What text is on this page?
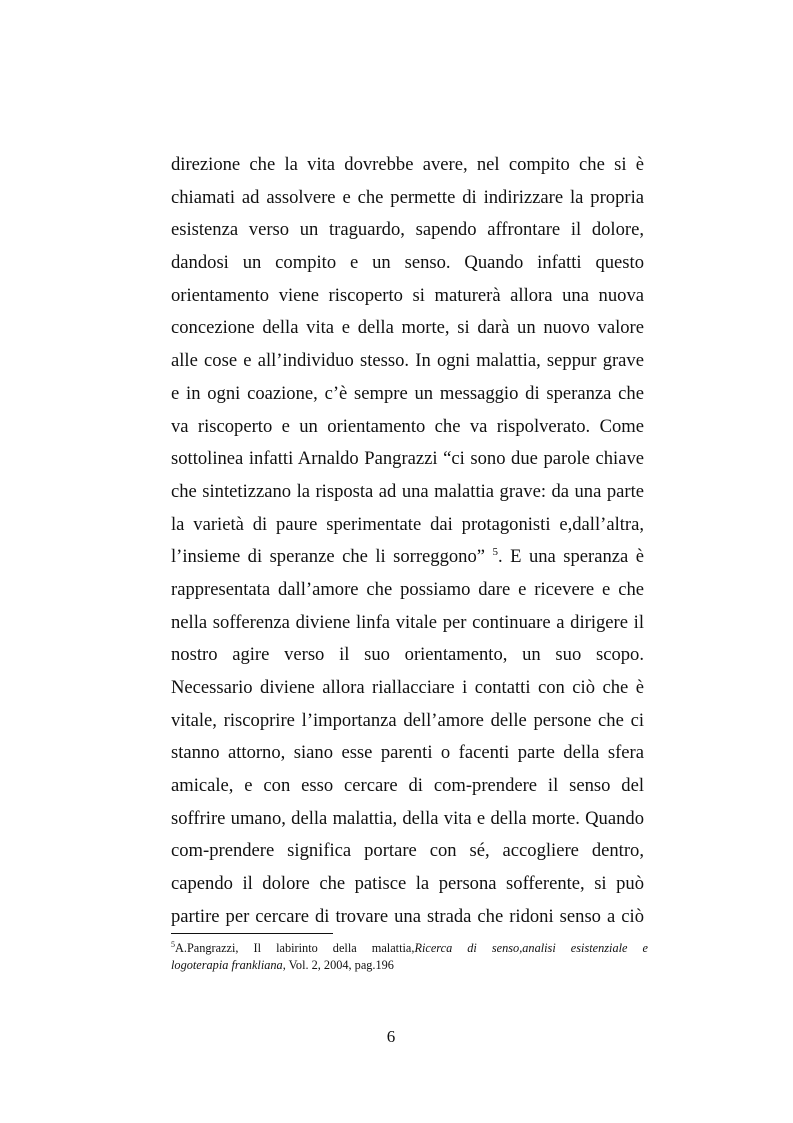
direzione che la vita dovrebbe avere, nel compito che si è
chiamati ad assolvere e che permette di indirizzare la propria
esistenza verso un traguardo, sapendo affrontare il dolore,
dandosi un compito e un senso. Quando infatti questo
orientamento viene riscoperto si maturerà allora una nuova
concezione della vita e della morte, si darà un nuovo valore
alle cose e all’individuo stesso. In ogni malattia, seppur grave
e in ogni coazione, c’è sempre un messaggio di speranza che
va riscoperto e un orientamento che va rispolverato. Come
sottolinea infatti Arnaldo Pangrazzi “ci sono due parole chiave
che sintetizzano la risposta ad una malattia grave: da una parte
la varietà di paure sperimentate dai protagonisti e,dall’altra,
l’insieme di speranze che li sorreggono” $^5$. E una speranza è
rappresentata dall’amore che possiamo dare e ricevere e che
nella sofferenza diviene linfa vitale per continuare a dirigere il
nostro agire verso il suo orientamento, un suo scopo.
Necessario diviene allora riallacciare i contatti con ciò che è
vitale, riscoprire l’importanza dell’amore delle persone che ci
stanno attorno, siano esse parenti o facenti parte della sfera
amicale, e con esso cercare di com-prendere il senso del
soffrire umano, della malattia, della vita e della morte. Quando
com-prendere significa portare con sé, accogliere dentro,
capendo il dolore che patisce la persona sofferente, si può
partire per cercare di trovare una strada che ridoni senso a ciò
$^5$A.Pangrazzi, Il labirinto della malattia,Ricerca di senso,analisi esistenziale e
logoterapia frankliana, Vol. 2, 2004, pag.196
6
